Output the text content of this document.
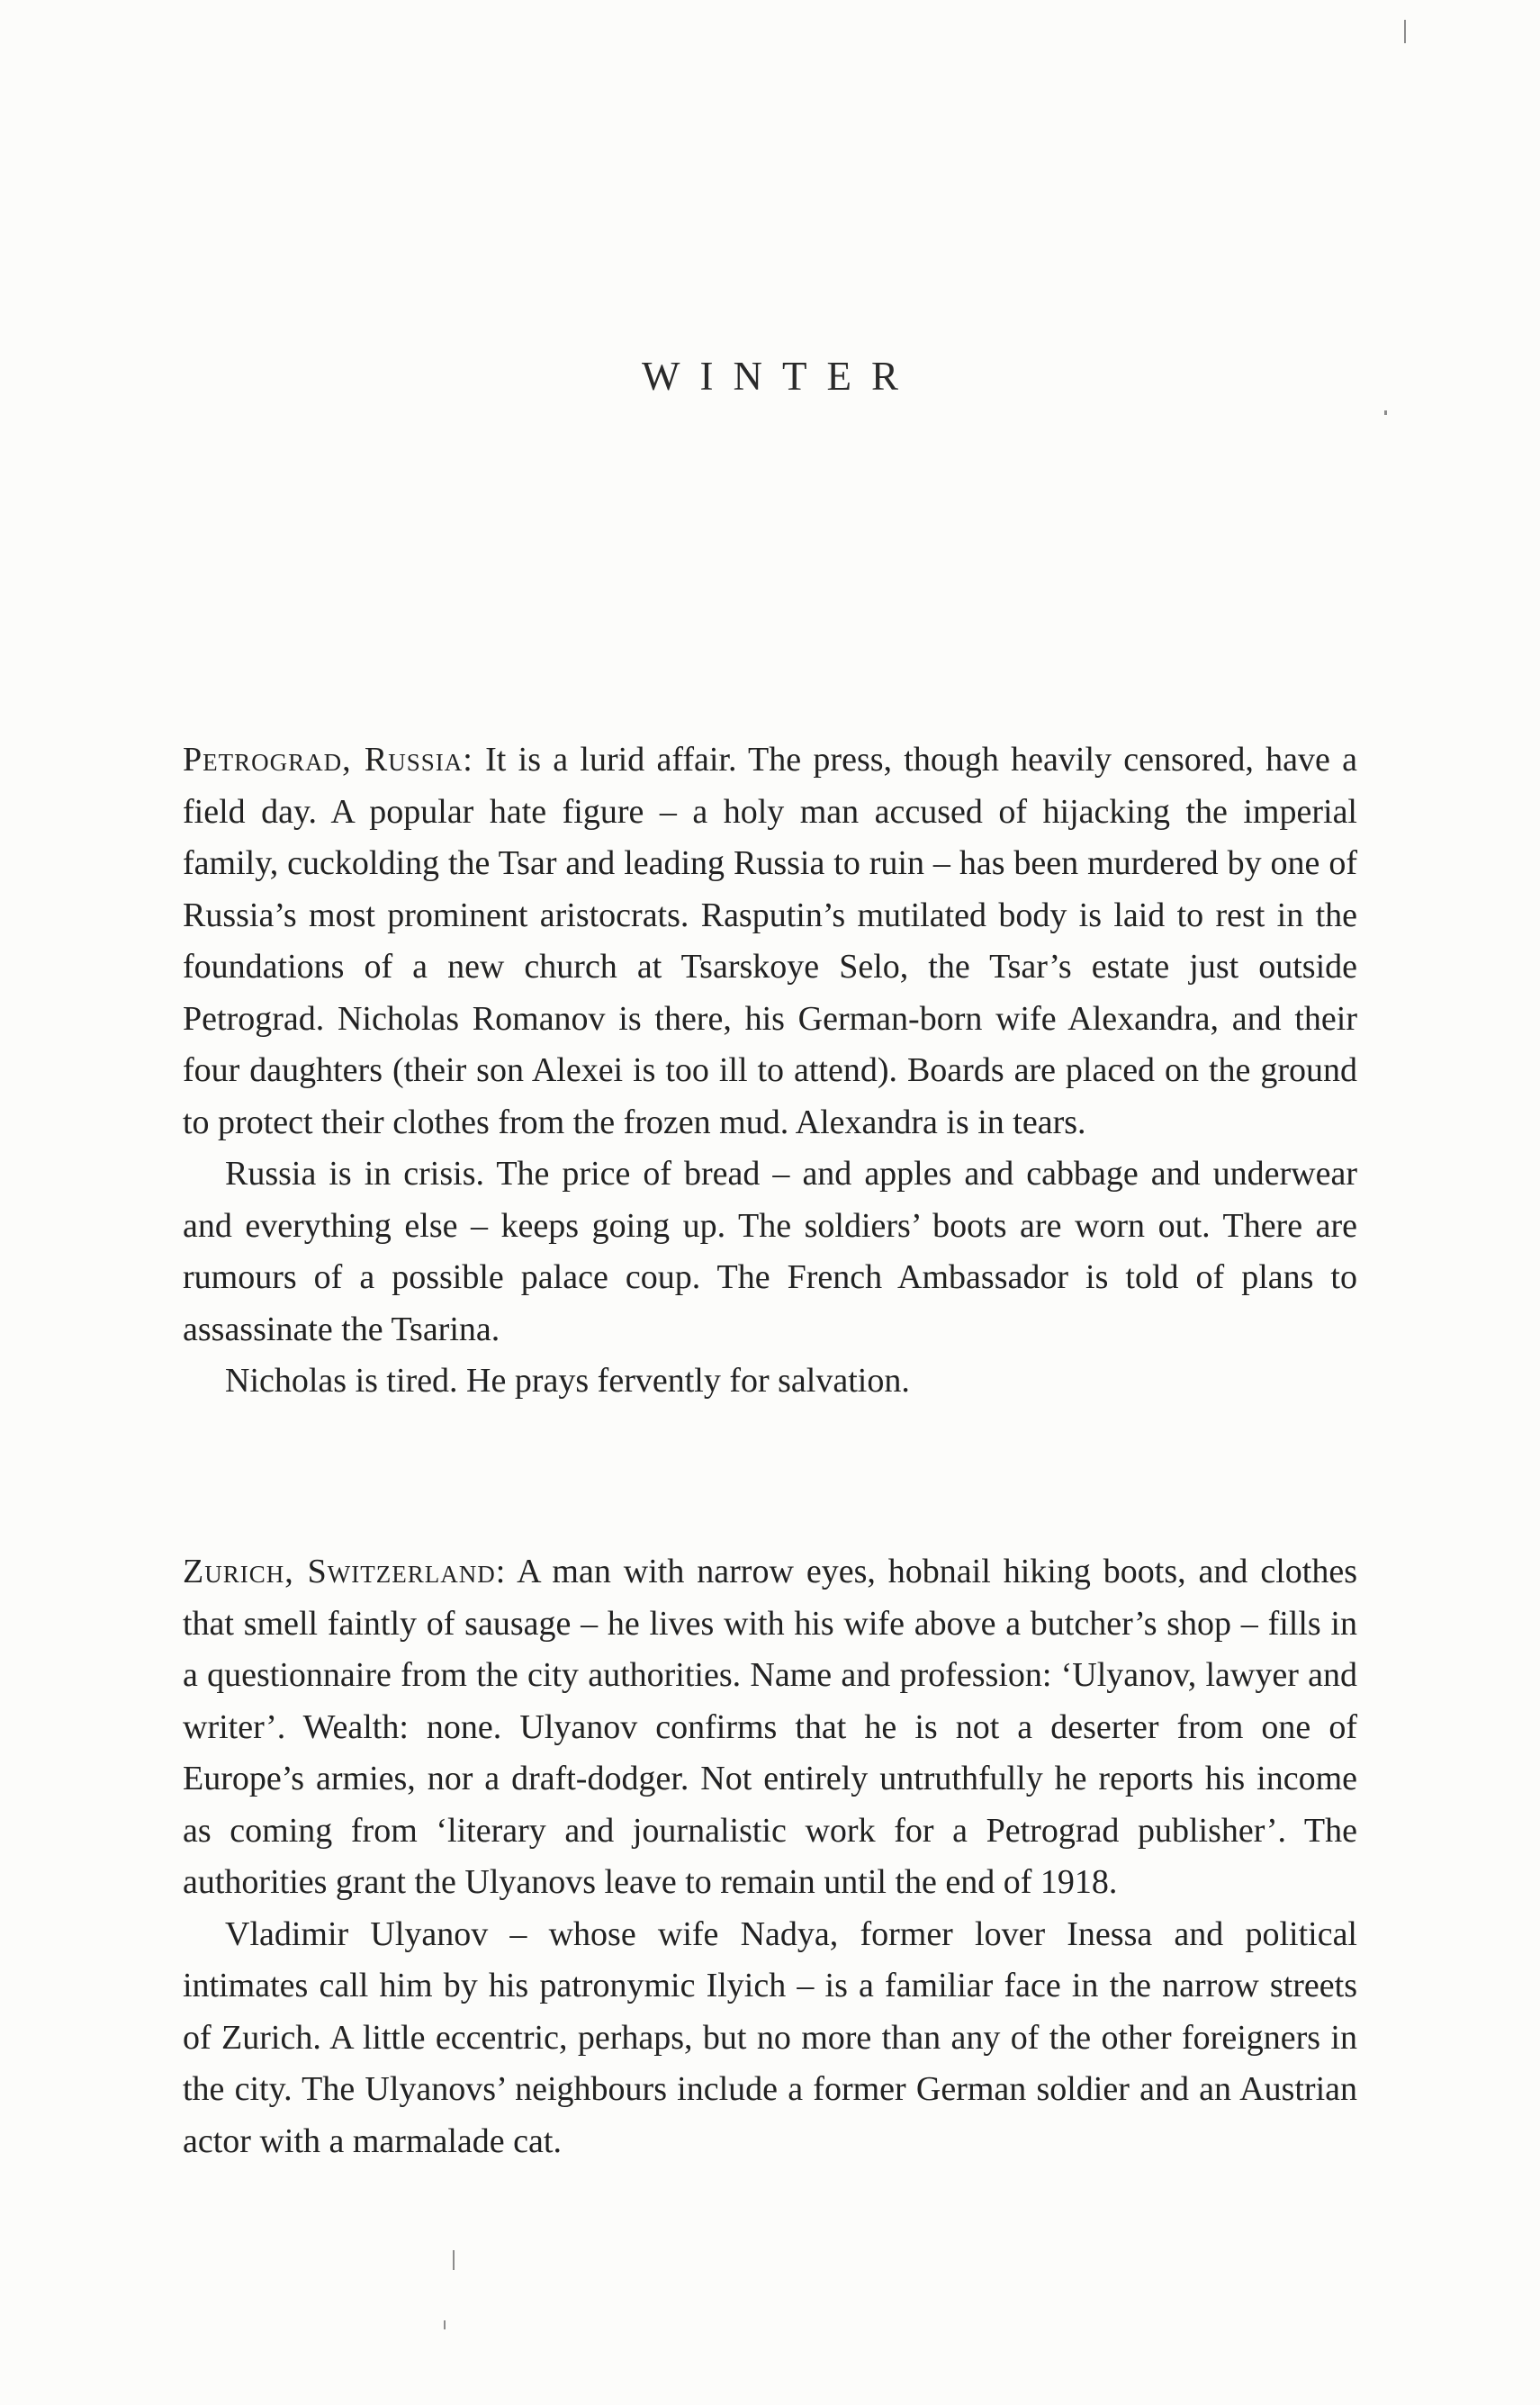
WINTER

Petrograd, Russia: It is a lurid affair. The press, though heavily censored, have a field day. A popular hate figure – a holy man accused of hijacking the imperial family, cuckolding the Tsar and leading Russia to ruin – has been murdered by one of Russia’s most prominent aristocrats. Rasputin’s mutilated body is laid to rest in the foundations of a new church at Tsarskoye Selo, the Tsar’s estate just outside Petrograd. Nicholas Romanov is there, his German-born wife Alexandra, and their four daughters (their son Alexei is too ill to attend). Boards are placed on the ground to protect their clothes from the frozen mud. Alexandra is in tears.

Russia is in crisis. The price of bread – and apples and cabbage and underwear and everything else – keeps going up. The soldiers’ boots are worn out. There are rumours of a possible palace coup. The French Ambassador is told of plans to assassinate the Tsarina.

Nicholas is tired. He prays fervently for salvation.

Zurich, Switzerland: A man with narrow eyes, hobnail hiking boots, and clothes that smell faintly of sausage – he lives with his wife above a butcher’s shop – fills in a questionnaire from the city authorities. Name and profession: ‘Ulyanov, lawyer and writer’. Wealth: none. Ulyanov confirms that he is not a deserter from one of Europe’s armies, nor a draft-dodger. Not entirely untruthfully he reports his income as coming from ‘literary and journalistic work for a Petrograd publisher’. The authorities grant the Ulyanovs leave to remain until the end of 1918.

Vladimir Ulyanov – whose wife Nadya, former lover Inessa and political intimates call him by his patronymic Ilyich – is a familiar face in the narrow streets of Zurich. A little eccentric, perhaps, but no more than any of the other foreigners in the city. The Ulyanovs’ neighbours include a former German soldier and an Austrian actor with a marmalade cat.
